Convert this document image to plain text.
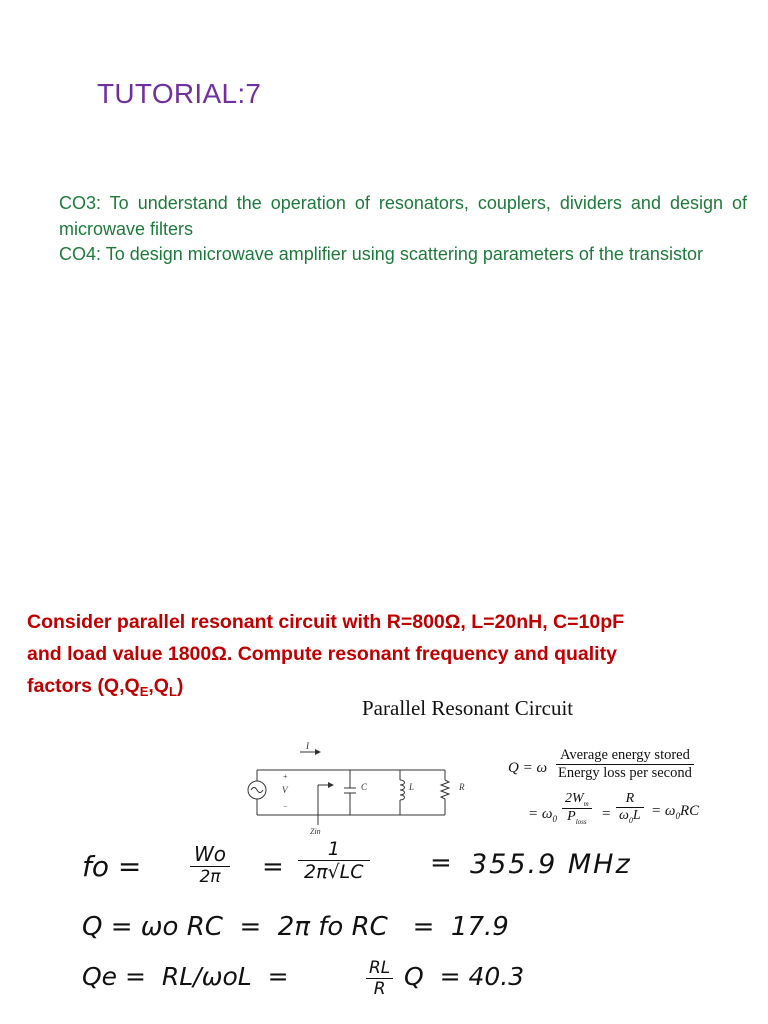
TUTORIAL:7
CO3: To understand the operation of resonators, couplers, dividers and design of microwave filters
CO4: To design microwave amplifier using scattering parameters of the transistor
Consider parallel resonant circuit with R=800Ω, L=20nH, C=10pF
and load value 1800Ω. Compute resonant frequency and quality
factors $(Q,Q_E,Q_L)$
Parallel Resonant Circuit
I
V
+
−
C	L	R
Zin
Q = ω
Average energy stored
Energy loss per second
= $\omega_0$
$2W_m$
$P_{loss}$	= $\frac{R}{\omega_0L} = \omega_0RC$
fo = $\frac{Wo}{2\pi} = \frac{1}{2\pi√LC} = 355.9$ MHz
Q = ωo RC  =  2π fo RC   =  17.9
Qe =  RL/ωoL  =	$\frac{RL}{R}$ Q  = 40.3
